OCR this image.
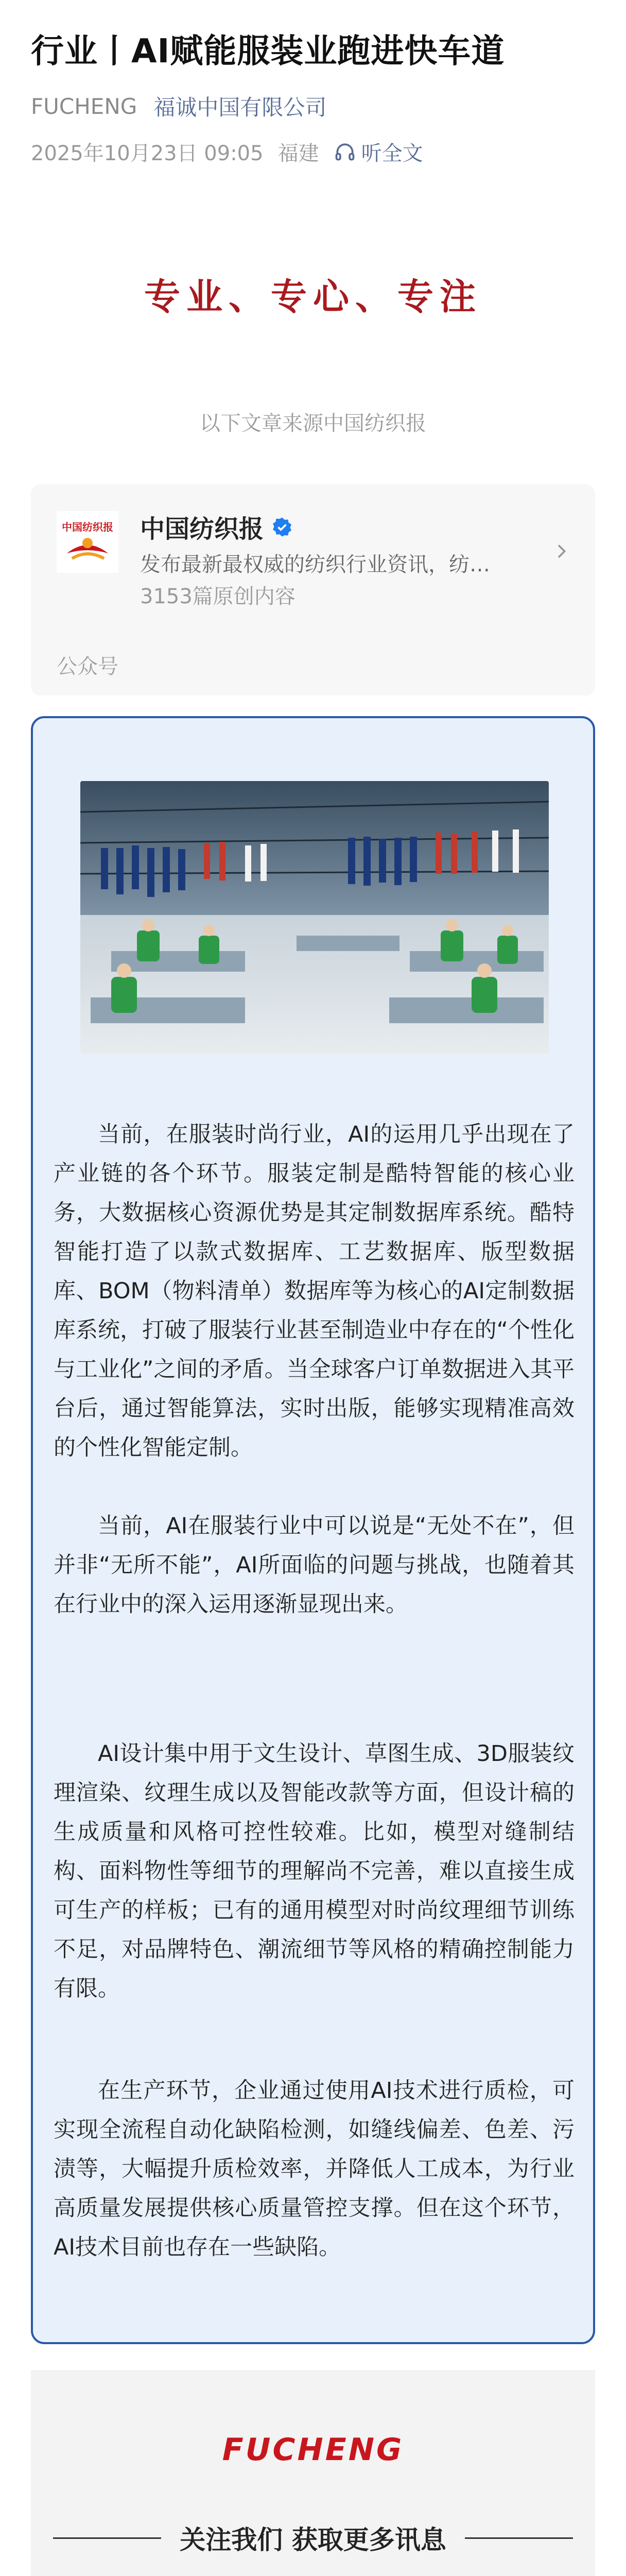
行业丨AI赋能服装业跑进快车道
FUCHENG 福诚中国有限公司
2025年10月23日 09:05 福建 听全文
专业、专心、专注
以下文章来源中国纺织报
中国纺织报 中国纺织报
发布最新最权威的纺织行业资讯，纺…
3153篇原创内容
公众号

当前，在服装时尚行业，AI的运用几乎出现在了产业链的各个环节。服装定制是酷特智能的核心业务，大数据核心资源优势是其定制数据库系统。酷特智能打造了以款式数据库、工艺数据库、版型数据库、BOM（物料清单）数据库等为核心的AI定制数据库系统，打破了服装行业甚至制造业中存在的“个性化与工业化”之间的矛盾。当全球客户订单数据进入其平台后，通过智能算法，实时出版，能够实现精准高效的个性化智能定制。

当前，AI在服装行业中可以说是“无处不在”，但并非“无所不能”，AI所面临的问题与挑战，也随着其在行业中的深入运用逐渐显现出来。

AI设计集中用于文生设计、草图生成、3D服装纹理渲染、纹理生成以及智能改款等方面，但设计稿的生成质量和风格可控性较难。比如，模型对缝制结构、面料物性等细节的理解尚不完善，难以直接生成可生产的样板；已有的通用模型对时尚纹理细节训练不足，对品牌特色、潮流细节等风格的精确控制能力有限。

在生产环节，企业通过使用AI技术进行质检，可实现全流程自动化缺陷检测，如缝线偏差、色差、污渍等，大幅提升质检效率，并降低人工成本，为行业高质量发展提供核心质量管控支撑。但在这个环节，AI技术目前也存在一些缺陷。

FUCHENG
关注我们 获取更多讯息
